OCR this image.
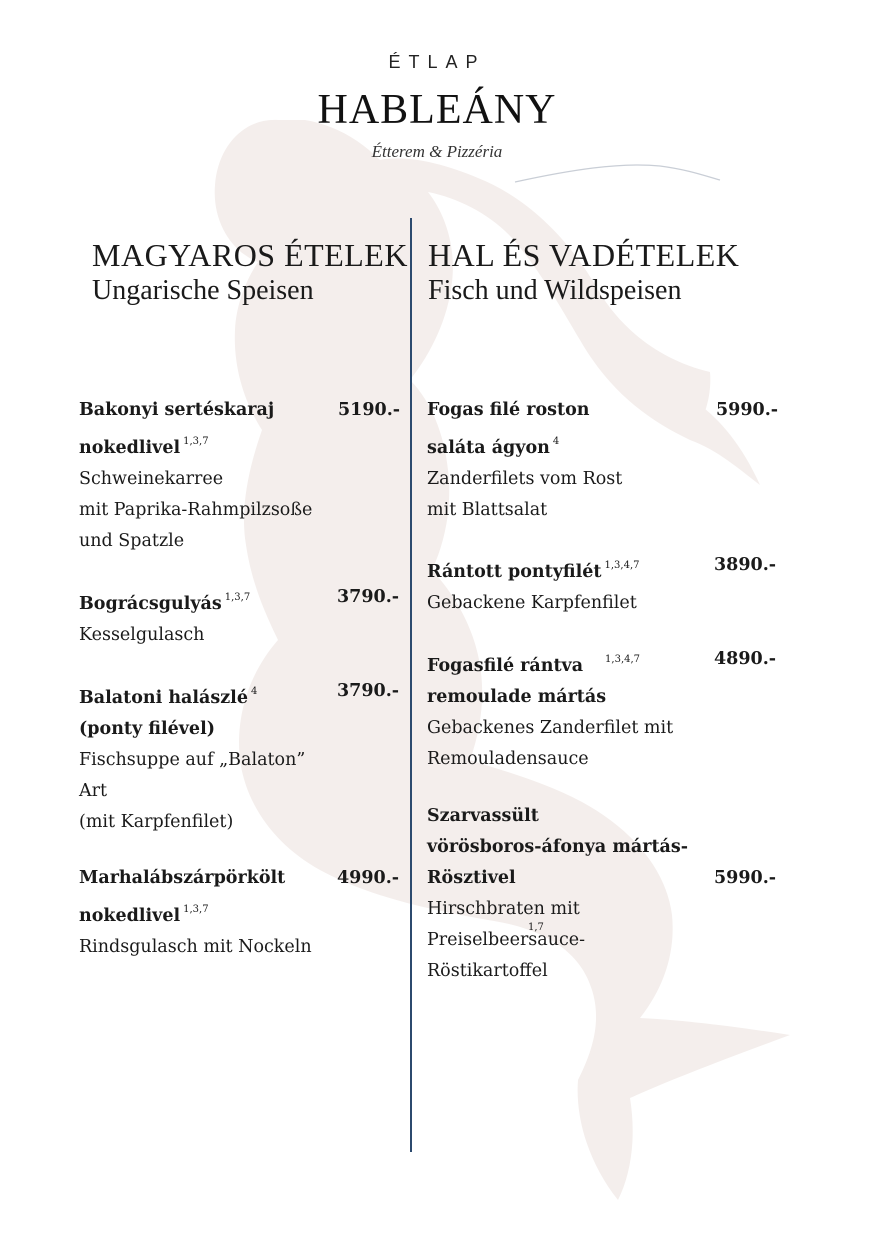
ÉTLAP
HABLEÁNY
Étterem & Pizzéria
MAGYAROS ÉTELEK
Ungarische Speisen
Bakonyi sertéskaraj
nokedlivel $^{1,3,7}$
Schweinekarree
mit Paprika-Rahmpilzsoße
und Spatzle
5190.-
Bográcsgulyás $^{1,3,7}$
Kesselgulasch
3790.-
Balatoni halászlé $^4$
(ponty filével)
Fischsuppe auf „Balaton”
Art
(mit Karpfenfilet)
3790.-
Marhalábszárpörkölt
nokedlivel $^{1,3,7}$
Rindsgulasch mit Nockeln
4990.-
HAL ÉS VADÉTELEK
Fisch und Wildspeisen
Fogas filé roston
saláta ágyon $^4$
Zanderfilets vom Rost
mit Blattsalat
5990.-
Rántott pontyfilét $^{1,3,4,7}$
Gebackene Karpfenfilet
3890.-
Fogasfilé rántva $^{1,3,4,7}$
remoulade mártás
Gebackenes Zanderfilet mit
Remouladensauce
4890.-
Szarvassült
vörösboros-áfonya mártás-
Rösztivel
Hirschbraten mit
Preiselbeersauce-
Röstikartoffel
5990.-
1,7
